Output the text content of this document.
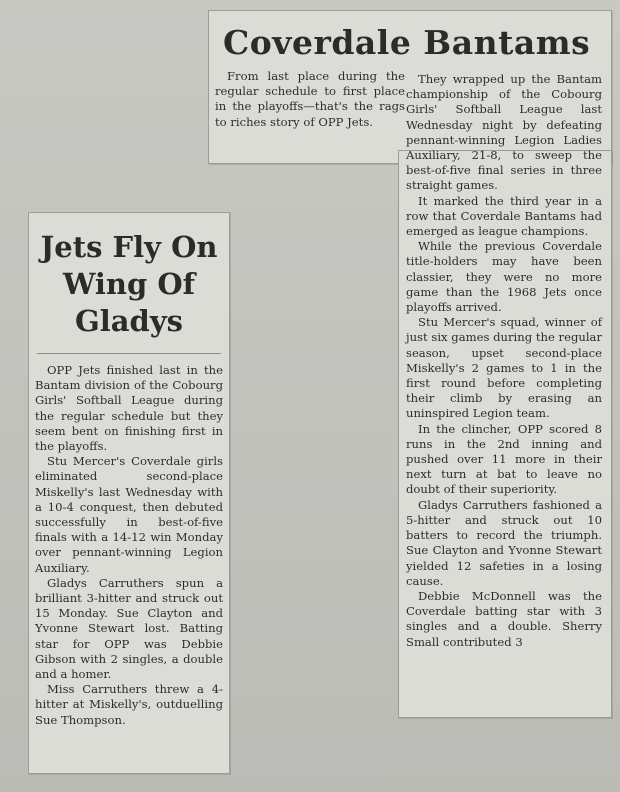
Coverdale Bantams

From last place during the regular schedule to first place in the playoffs—that's the rags to riches story of OPP Jets.

They wrapped up the Bantam championship of the Cobourg Girls' Softball League last Wednesday night by defeating pennant-winning Legion Ladies Auxiliary, 21-8, to sweep the best-of-five final series in three straight games.

It marked the third year in a row that Coverdale Bantams had emerged as league champions.

While the previous Coverdale title-holders may have been classier, they were no more game than the 1968 Jets once playoffs arrived.

Stu Mercer's squad, winner of just six games during the regular season, upset second-place Miskelly's 2 games to 1 in the first round before completing their climb by erasing an uninspired Legion team.

In the clincher, OPP scored 8 runs in the 2nd inning and pushed over 11 more in their next turn at bat to leave no doubt of their superiority.

Gladys Carruthers fashioned a 5-hitter and struck out 10 batters to record the triumph. Sue Clayton and Yvonne Stewart yielded 12 safeties in a losing cause.

Debbie McDonnell was the Coverdale batting star with 3 singles and a double. Sherry Small contributed 3

Jets Fly On Wing Of Gladys

OPP Jets finished last in the Bantam division of the Cobourg Girls' Softball League during the regular schedule but they seem bent on finishing first in the playoffs.

Stu Mercer's Coverdale girls eliminated second-place Miskelly's last Wednesday with a 10-4 conquest, then debuted successfully in best-of-five finals with a 14-12 win Monday over pennant-winning Legion Auxiliary.

Gladys Carruthers spun a brilliant 3-hitter and struck out 15 Monday. Sue Clayton and Yvonne Stewart lost. Batting star for OPP was Debbie Gibson with 2 singles, a double and a homer.

Miss Carruthers threw a 4-hitter at Miskelly's, outduelling Sue Thompson.
